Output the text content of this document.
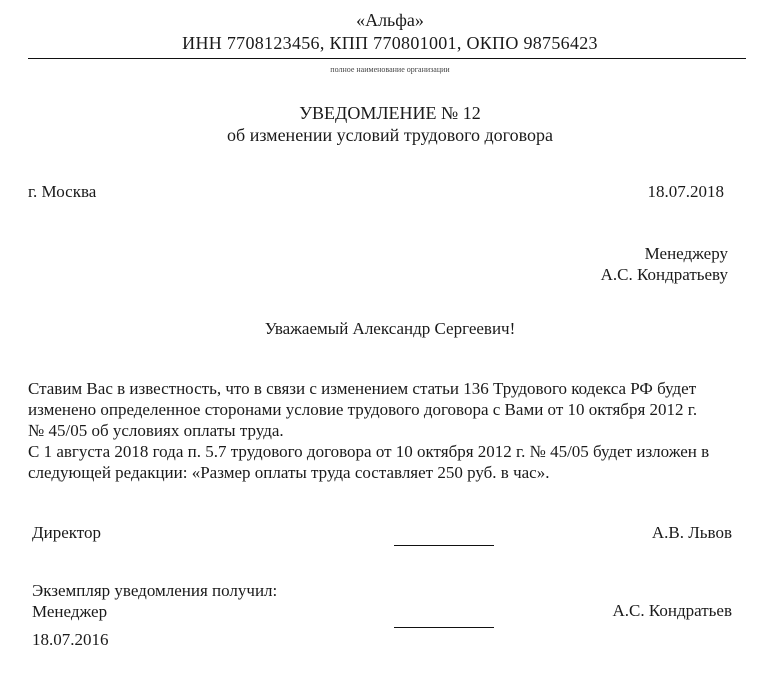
«Альфа»
ИНН 7708123456, КПП 770801001, ОКПО 98756423
полное наименование организации
УВЕДОМЛЕНИЕ № 12
об изменении условий трудового договора
г. Москва	18.07.2018
Менеджеру
А.С. Кондратьеву
Уважаемый Александр Сергеевич!
Ставим Вас в известность, что в связи с изменением статьи 136 Трудового кодекса РФ будет
изменено определенное сторонами условие трудового договора с Вами от 10 октября 2012 г.
№ 45/05 об условиях оплаты труда.
С 1 августа 2018 года п. 5.7 трудового договора от 10 октября 2012 г. № 45/05 будет изложен в
следующей редакции: «Размер оплаты труда составляет 250 руб. в час».
Директор	А.В. Львов
Экземпляр уведомления получил:
Менеджер	А.С. Кондратьев
18.07.2016
